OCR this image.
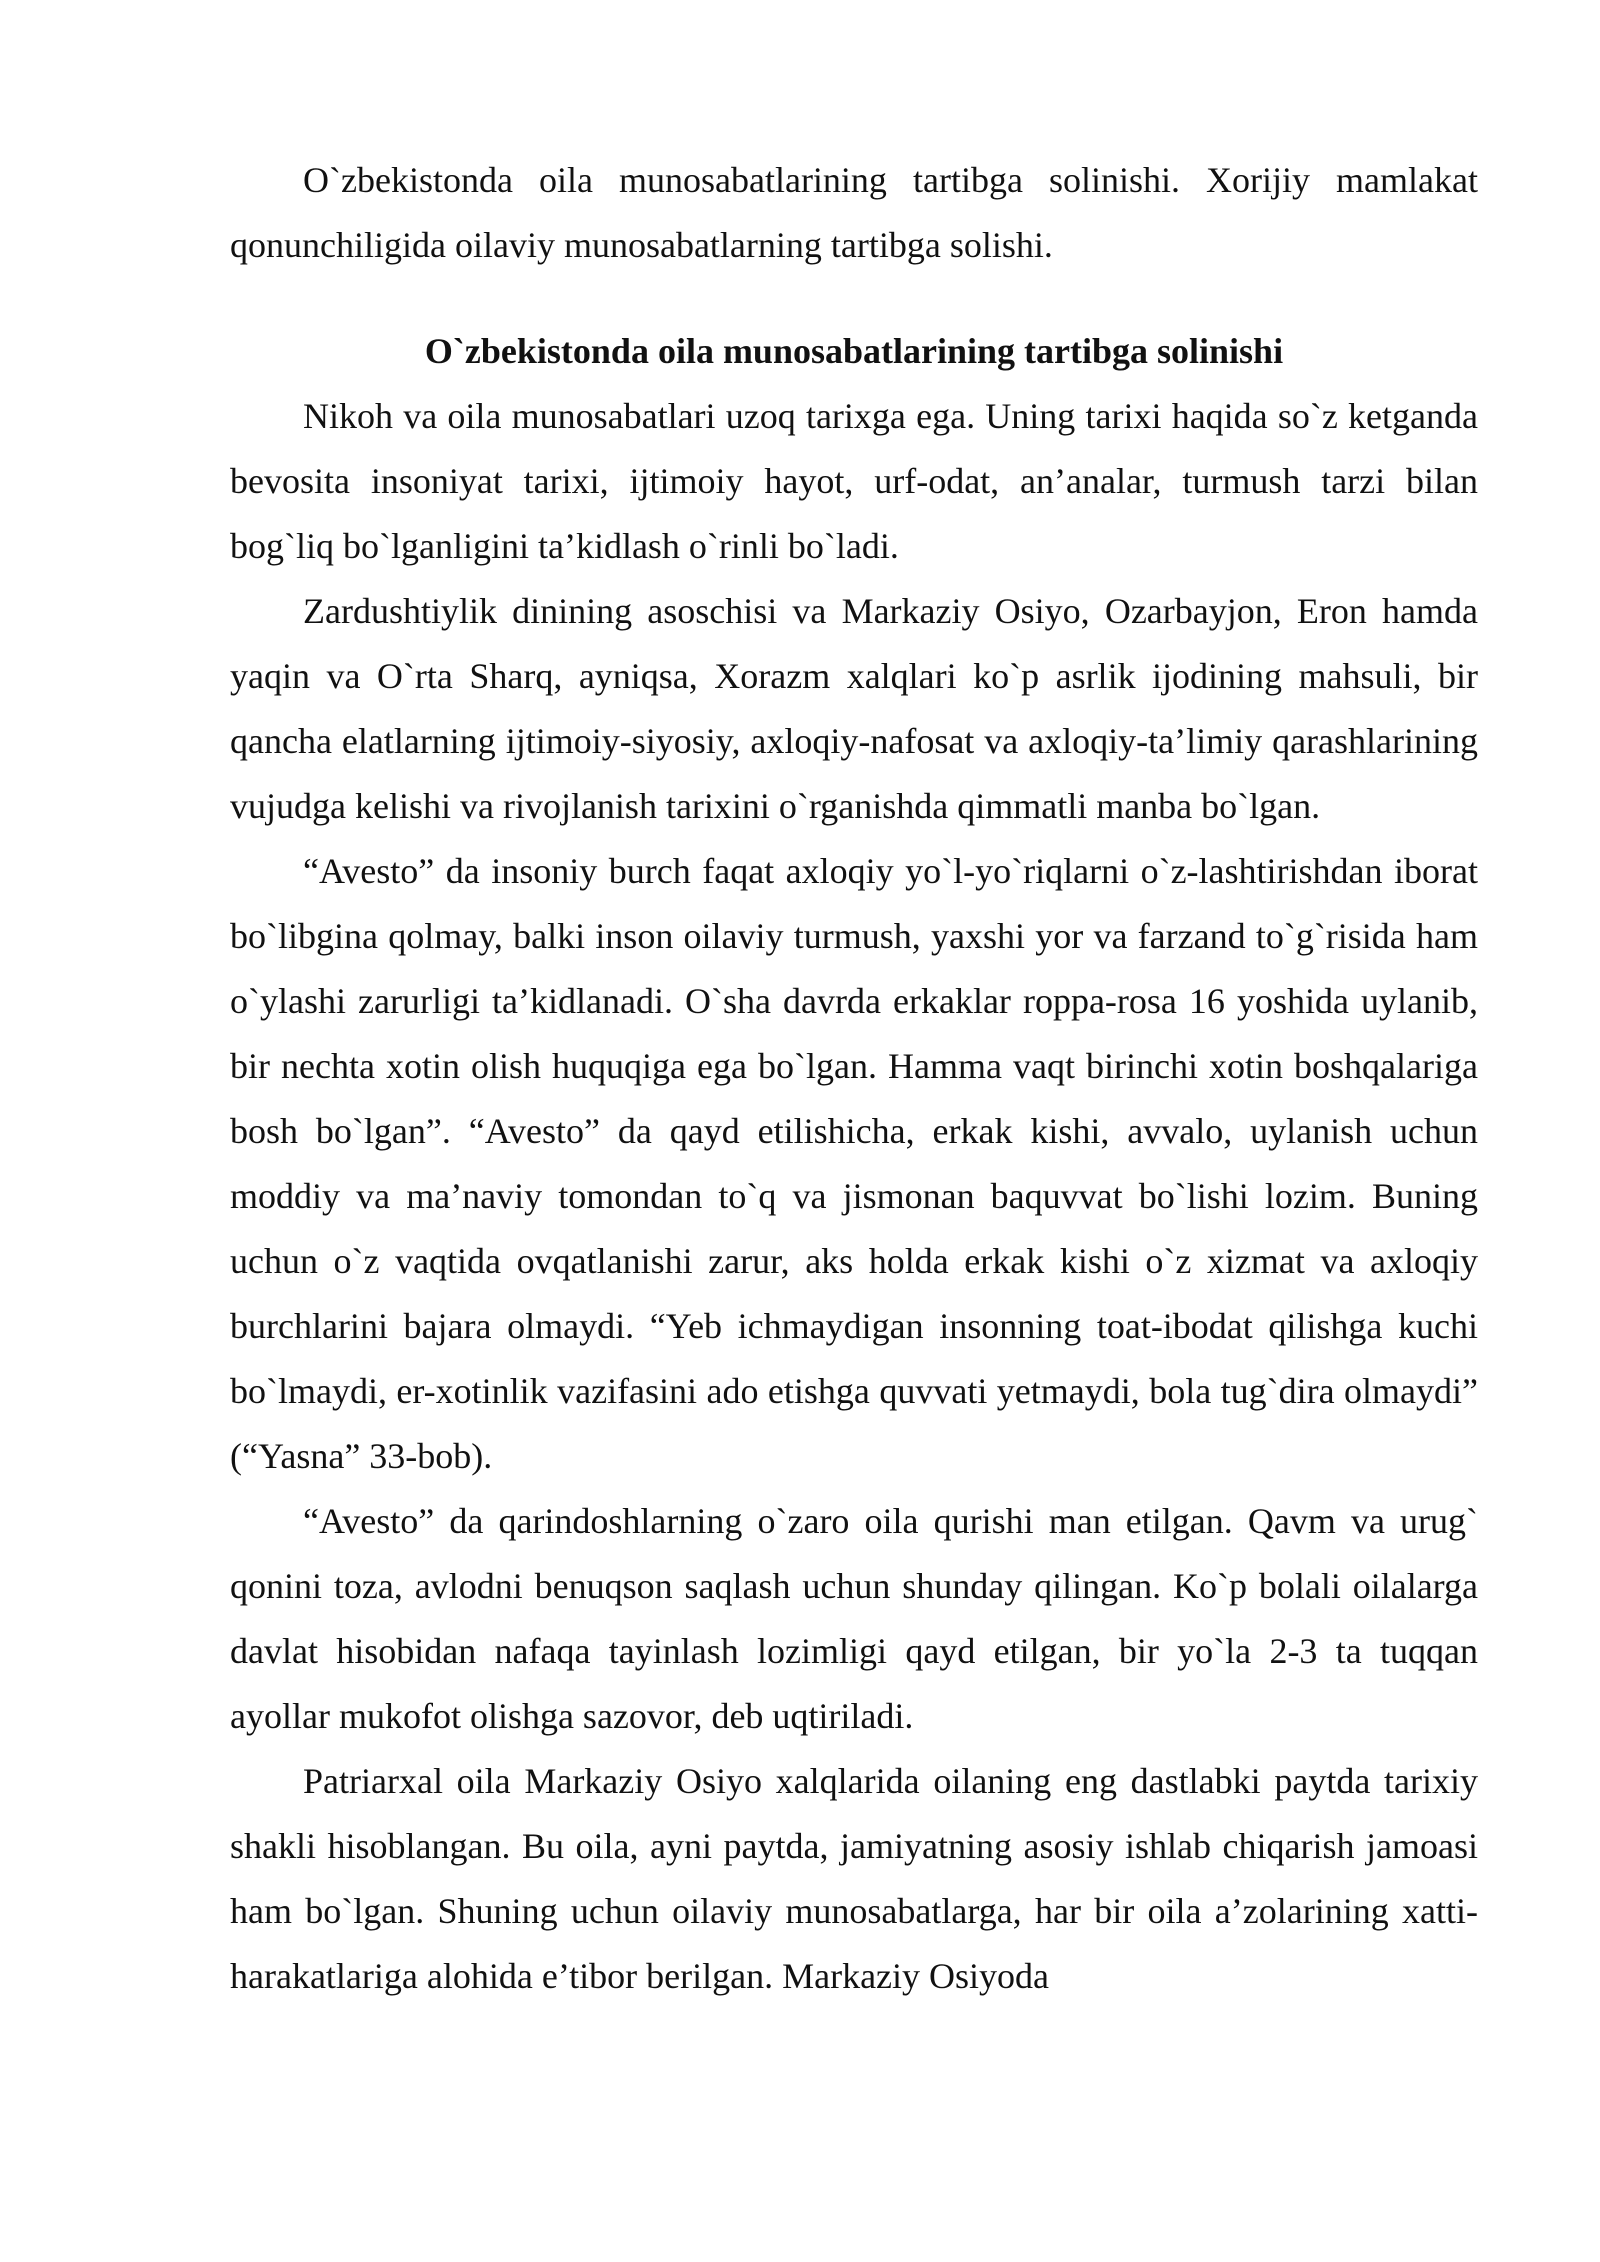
O`zbekistonda oila munosabatlarining tartibga solinishi. Xorijiy mamlakat qonunchiligida oilaviy munosabatlarning tartibga solishi.

O`zbekistonda oila munosabatlarining tartibga solinishi

Nikoh va oila munosabatlari uzoq tarixga ega. Uning tarixi haqida so`z ketganda bevosita insoniyat tarixi, ijtimoiy hayot, urf-odat, an’analar, turmush tarzi bilan bog`liq bo`lganligini ta’kidlash o`rinli bo`ladi.

Zardushtiylik dinining asoschisi va Markaziy Osiyo, Ozarbayjon, Eron hamda yaqin va O`rta Sharq, ayniqsa, Xorazm xalqlari ko`p asrlik ijodining mahsuli, bir qancha elatlarning ijtimoiy-siyosiy, axloqiy-nafosat va axloqiy-ta’limiy qarashlarining vujudga kelishi va rivojlanish tarixini o`rganishda qimmatli manba bo`lgan.

“Avesto” da insoniy burch faqat axloqiy yo`l-yo`riqlarni o`z-lashtirishdan iborat bo`libgina qolmay, balki inson oilaviy turmush, yaxshi yor va farzand to`g`risida ham o`ylashi zarurligi ta’kidlanadi. O`sha davrda erkaklar roppa-rosa 16 yoshida uylanib, bir nechta xotin olish huquqiga ega bo`lgan. Hamma vaqt birinchi xotin boshqalariga bosh bo`lgan”. “Avesto” da qayd etilishicha, erkak kishi, avvalo, uylanish uchun moddiy va ma’naviy tomondan to`q va jismonan baquvvat bo`lishi lozim. Buning uchun o`z vaqtida ovqatlanishi zarur, aks holda erkak kishi o`z xizmat va axloqiy burchlarini bajara olmaydi. “Yeb ichmaydigan insonning toat-ibodat qilishga kuchi bo`lmaydi, er-xotinlik vazifasini ado etishga quvvati yetmaydi, bola tug`dira olmaydi” (“Yasna” 33-bob).

“Avesto” da qarindoshlarning o`zaro oila qurishi man etilgan. Qavm va urug` qonini toza, avlodni benuqson saqlash uchun shunday qilingan. Ko`p bolali oilalarga davlat hisobidan nafaqa tayinlash lozimligi qayd etilgan, bir yo`la 2-3 ta tuqqan ayollar mukofot olishga sazovor, deb uqtiriladi.

Patriarxal oila Markaziy Osiyo xalqlarida oilaning eng dastlabki paytda tarixiy shakli hisoblangan. Bu oila, ayni paytda, jamiyatning asosiy ishlab chiqarish jamoasi ham bo`lgan. Shuning uchun oilaviy munosabatlarga, har bir oila a’zolarining xatti-harakatlariga alohida e’tibor berilgan. Markaziy Osiyoda
